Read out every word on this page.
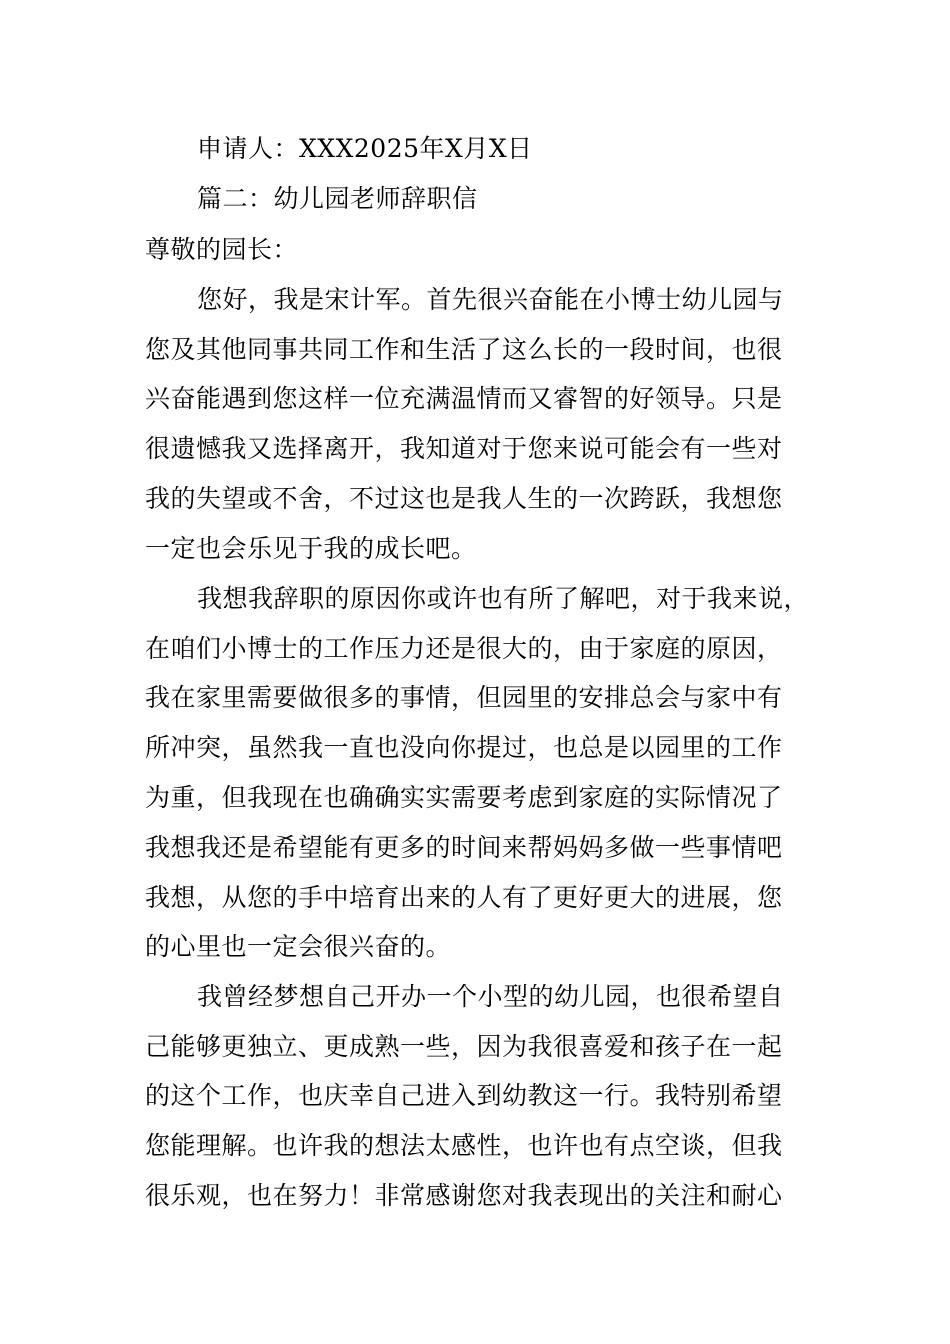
申请人：XXX2025年X月X日
篇二：幼儿园老师辞职信
尊敬的园长：
您好，我是宋计军。首先很兴奋能在小博士幼儿园与
您及其他同事共同工作和生活了这么长的一段时间，也很
兴奋能遇到您这样一位充满温情而又睿智的好领导。只是
很遗憾我又选择离开，我知道对于您来说可能会有一些对
我的失望或不舍，不过这也是我人生的一次跨跃，我想您
一定也会乐见于我的成长吧。
我想我辞职的原因你或许也有所了解吧，对于我来说，
在咱们小博士的工作压力还是很大的，由于家庭的原因，
我在家里需要做很多的事情，但园里的安排总会与家中有
所冲突，虽然我一直也没向你提过，也总是以园里的工作
为重，但我现在也确确实实需要考虑到家庭的实际情况了
我想我还是希望能有更多的时间来帮妈妈多做一些事情吧
我想，从您的手中培育出来的人有了更好更大的进展，您
的心里也一定会很兴奋的。
我曾经梦想自己开办一个小型的幼儿园，也很希望自
己能够更独立、更成熟一些，因为我很喜爱和孩子在一起
的这个工作，也庆幸自己进入到幼教这一行。我特别希望
您能理解。也许我的想法太感性，也许也有点空谈，但我
很乐观，也在努力！非常感谢您对我表现出的关注和耐心
